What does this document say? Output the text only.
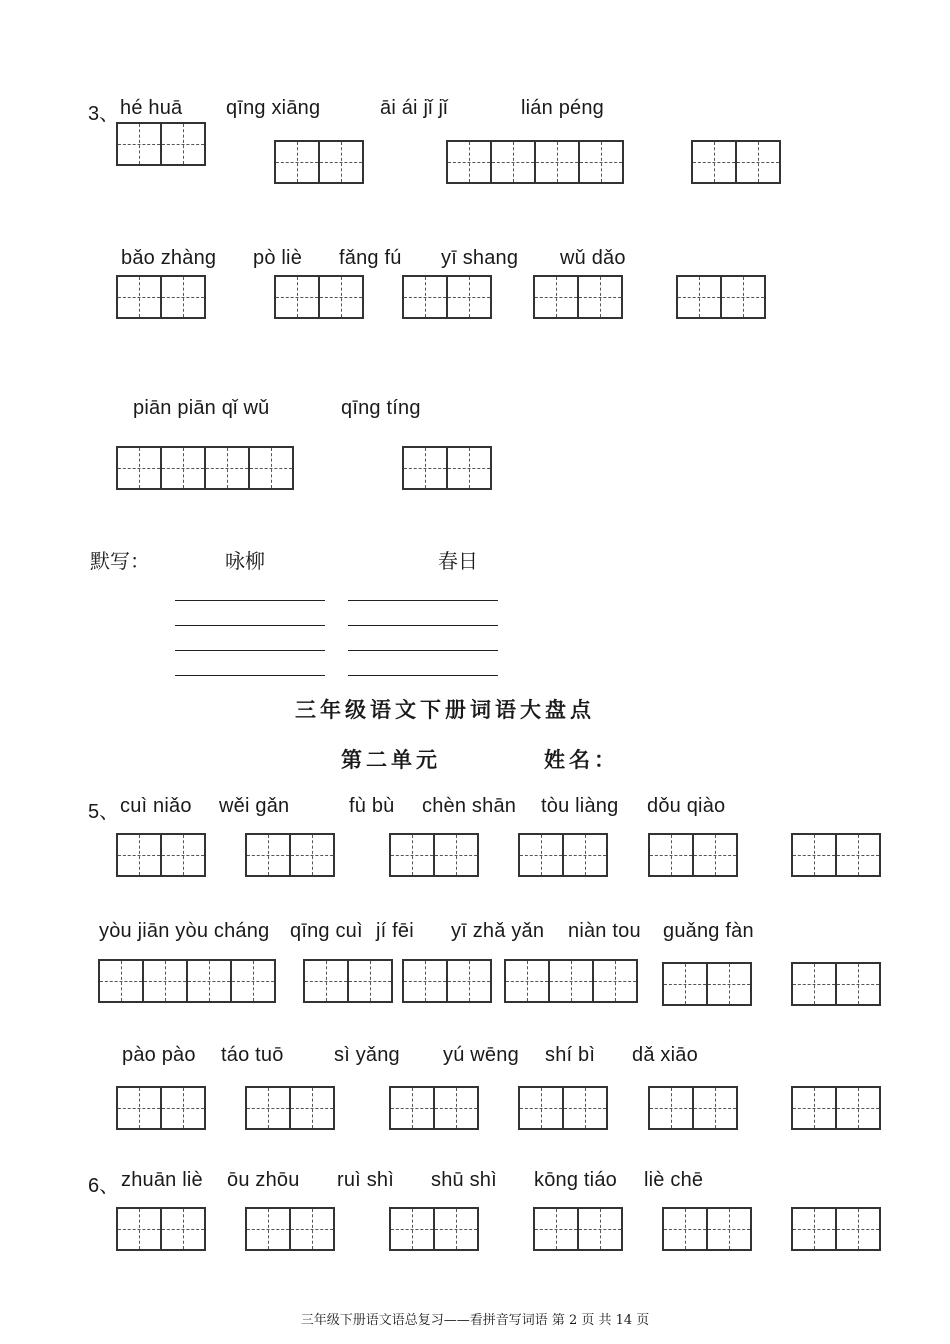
3、 hé huā qīng xiāng	āi ái jǐ jǐ	lián péng
bǎo zhàng pò liè fǎng fú yī shang wǔ dǎo
piān piān qǐ wǔ	qīng tíng
默写：	咏柳	春日
三年级语文下册词语大盘点
第二单元	姓名：
5、 cuì niǎo wěi gǎn	fù bù chèn shān tòu liàng dǒu qiào
yòu jiān yòu cháng qīng cuì jí fēi yī zhǎ yǎn niàn tou guǎng fàn
pào pào táo tuō	sì yǎng yú wēng shí bì dǎ xiāo
6、 zhuān liè ōu zhōu ruì shì shū shì kōng tiáo liè chē
三年级下册语文语总复习——看拼音写词语 第 2 页 共 14 页
